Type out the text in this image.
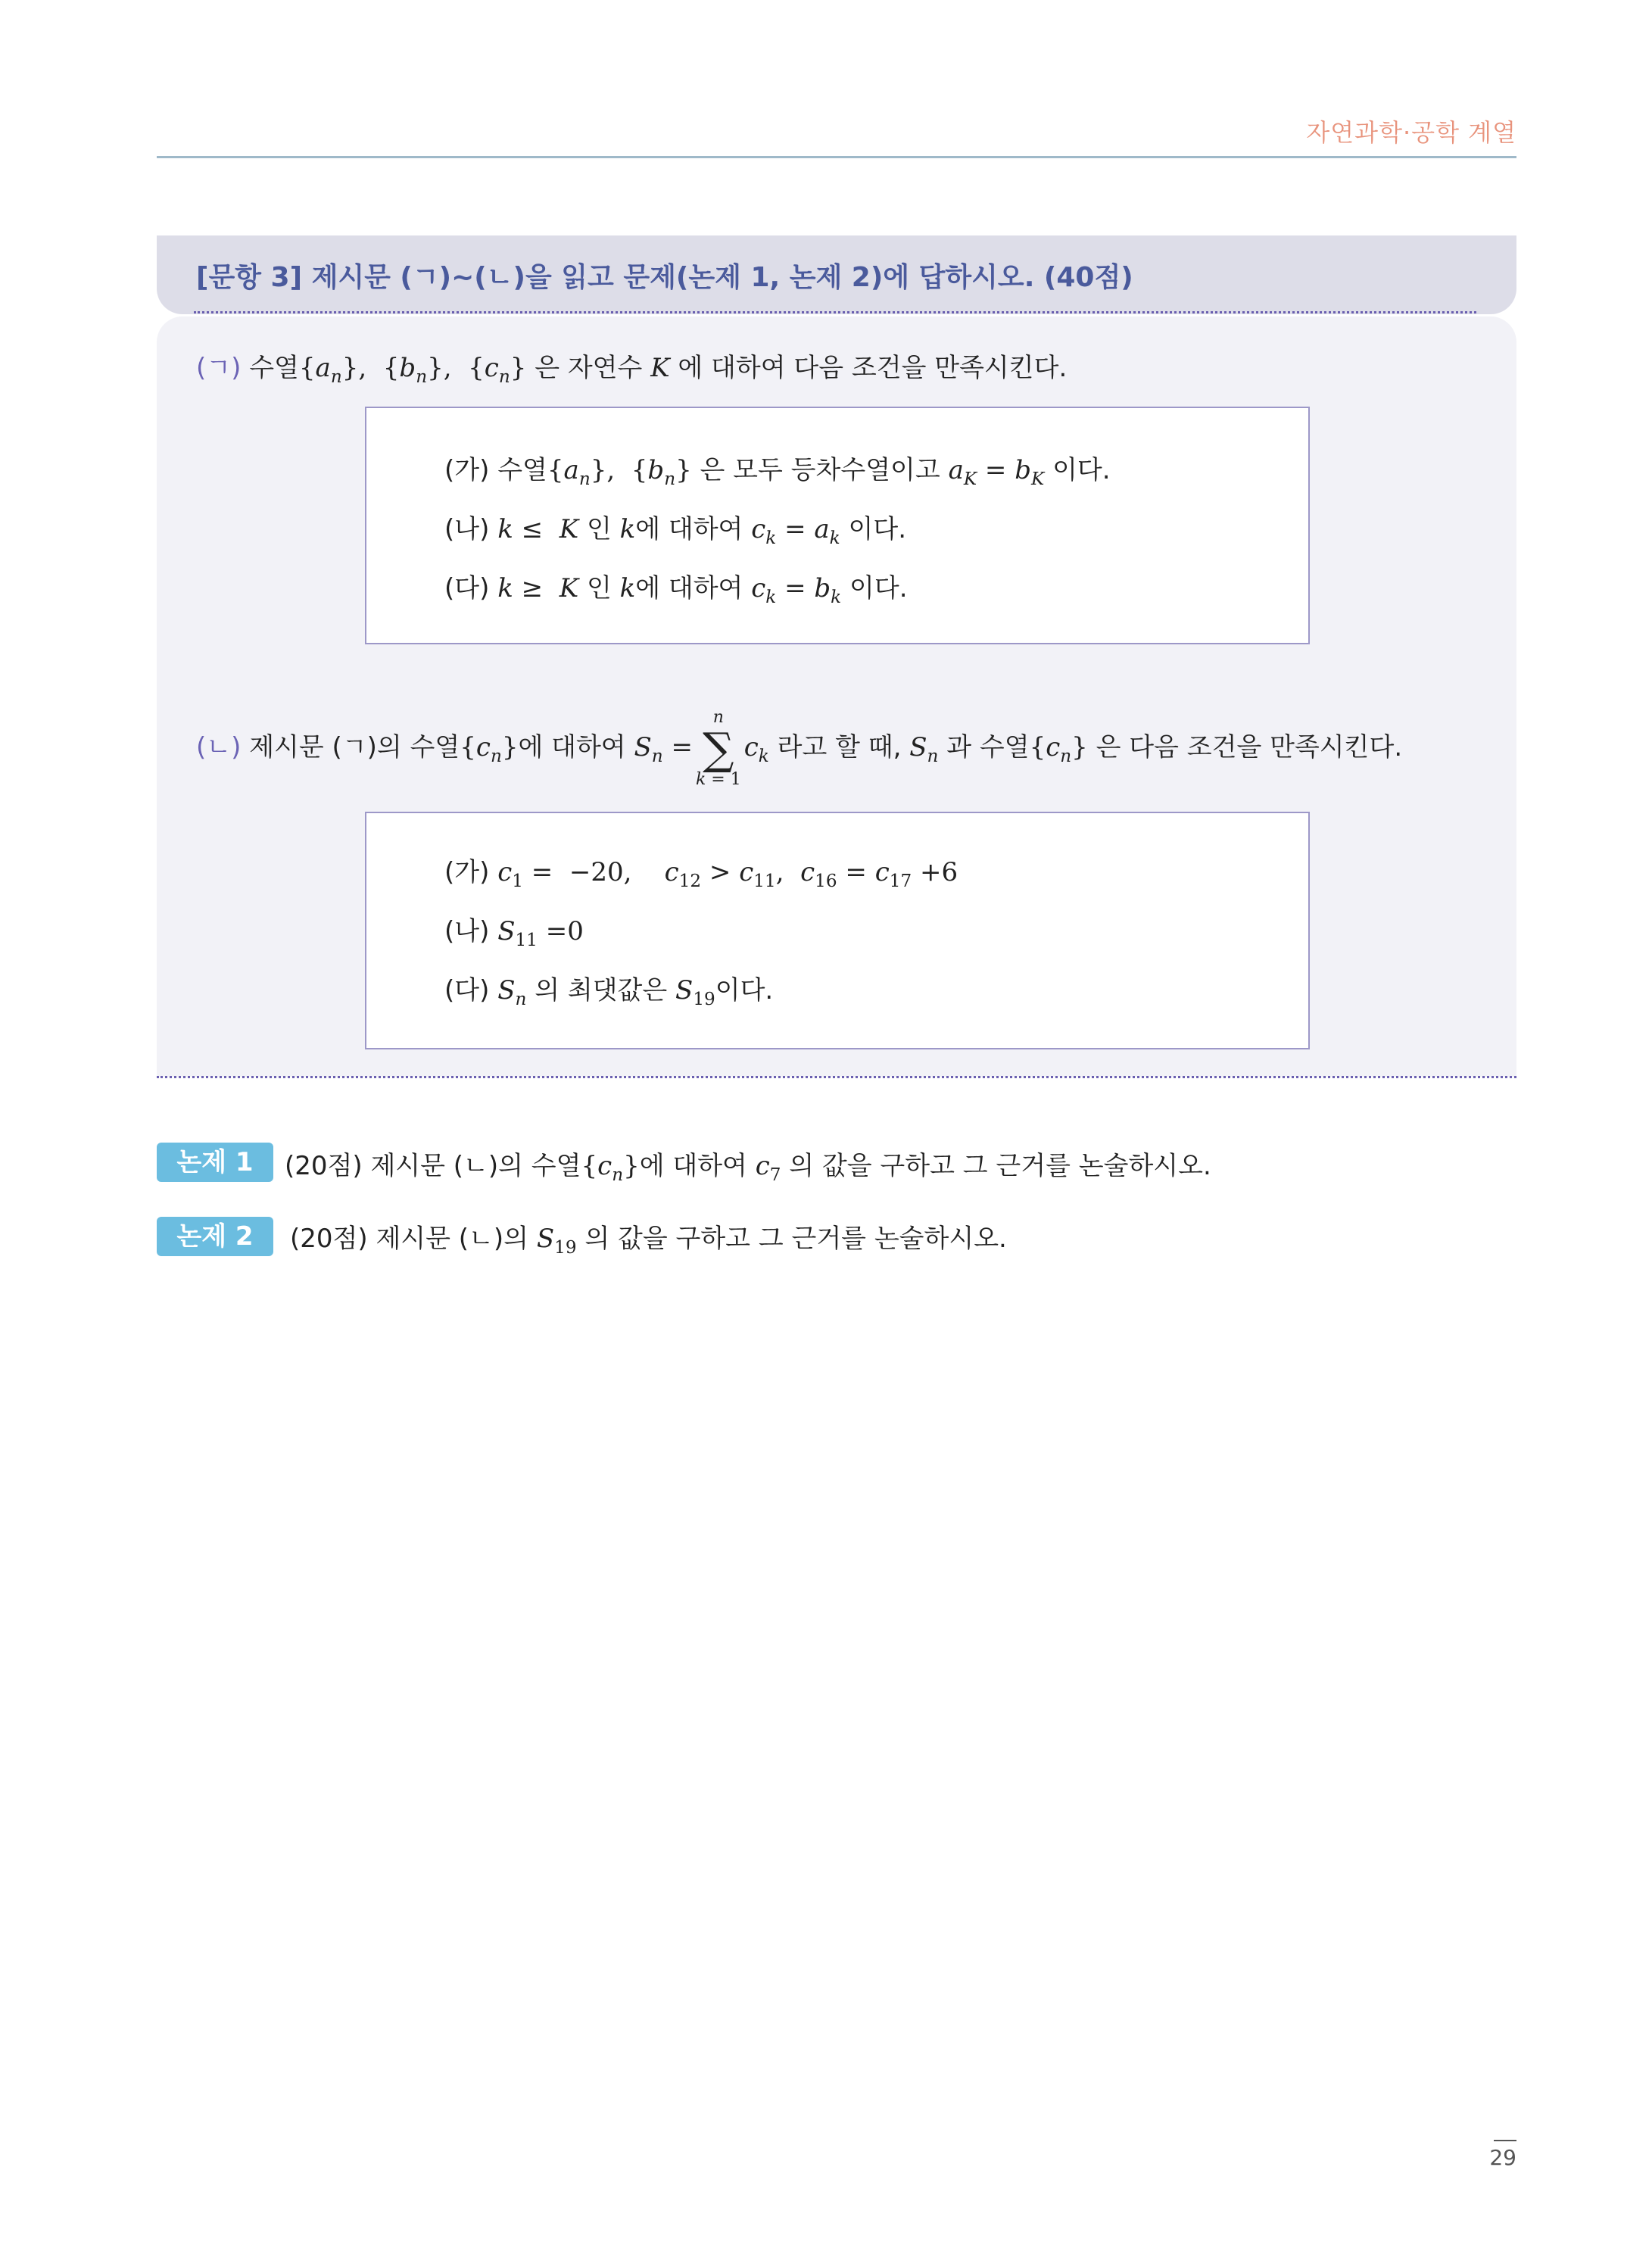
자연과학·공학 계열
[문항 3] 제시문 (ㄱ)~(ㄴ)을 읽고 문제(논제 1, 논제 2)에 답하시오. (40점)
(ㄱ) 수열$\{a_n\}$, $\{b_n\}$, $\{c_n\}$ 은 자연수 K 에 대하여 다음 조건을 만족시킨다.
(가) 수열$\{a_n\}$, $\{b_n\}$ 은 모두 등차수열이고 $a_K = b_K$ 이다.
(나) k ≤  K 인 k에 대하여 $c_k = a_k$ 이다.
(다) k ≥  K 인 k에 대하여 $c_k = b_k$ 이다.
(ㄴ) 제시문 (ㄱ)의 수열$\{c_n\}$에 대하여 $S_n$ =
n
∑
k = 1
$c_k$ 라고 할 때, $S_n$ 과 수열$\{c_n\}$ 은 다음 조건을 만족시킨다.
(가) $c_1 = -20$,    $c_{12} > c_{11}$,  $c_{16} = c_{17} +6$
(나) $S_{11} =0$
(다) $S_n$ 의 최댓값은 $S_{19}$이다.
논제 1	(20점) 제시문 (ㄴ)의 수열$\{c_n\}$에 대하여 $c_7$ 의 값을 구하고 그 근거를 논술하시오.
논제 2	(20점) 제시문 (ㄴ)의 $S_{19}$ 의 값을 구하고 그 근거를 논술하시오.
29
